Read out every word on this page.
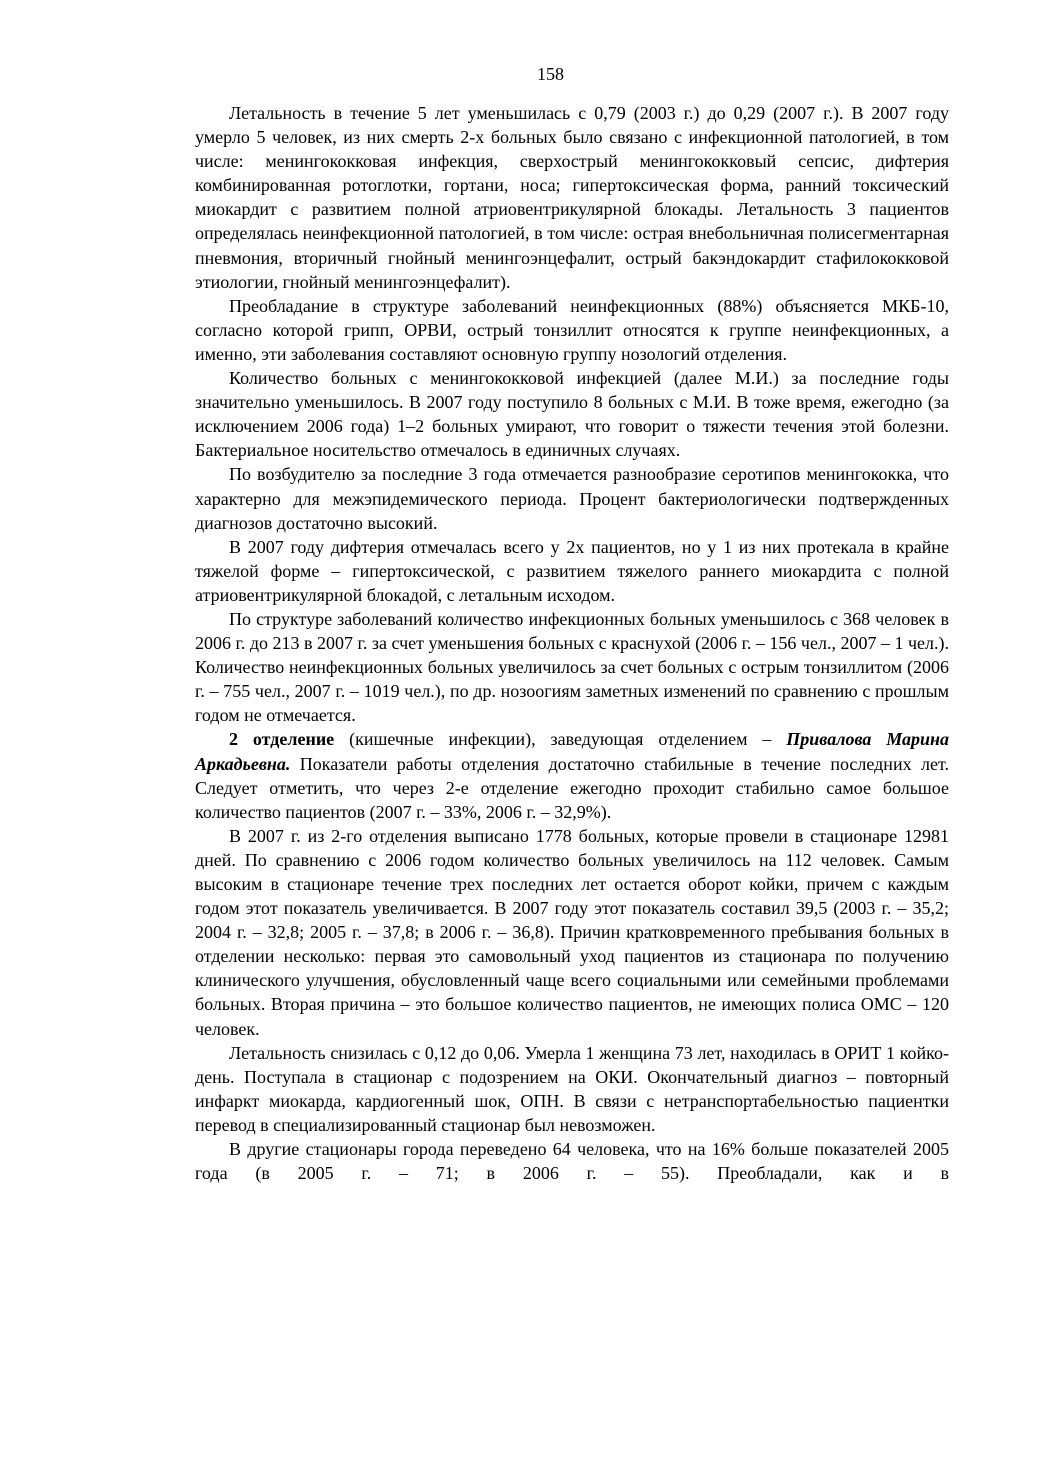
158

Летальность в течение 5 лет уменьшилась с 0,79 (2003 г.) до 0,29 (2007 г.). В 2007 году умерло 5 человек, из них смерть 2-х больных было связано с инфекционной патологией, в том числе: менингококковая инфекция, сверхострый менингококковый сепсис, дифтерия комбинированная ротоглотки, гортани, носа; гипертоксическая форма, ранний токсический миокардит с развитием полной атриовентрикулярной блокады. Летальность 3 пациентов определялась неинфекционной патологией, в том числе: острая внебольничная полисегментарная пневмония, вторичный гнойный менингоэнцефалит, острый бакэндокардит стафилококковой этиологии, гнойный менингоэнцефалит).

Преобладание в структуре заболеваний неинфекционных (88%) объясняется МКБ-10, согласно которой грипп, ОРВИ, острый тонзиллит относятся к группе неинфекционных, а именно, эти заболевания составляют основную группу нозологий отделения.

Количество больных с менингококковой инфекцией (далее М.И.) за последние годы значительно уменьшилось. В 2007 году поступило 8 больных с М.И. В тоже время, ежегодно (за исключением 2006 года) 1–2 больных умирают, что говорит о тяжести течения этой болезни. Бактериальное носительство отмечалось в единичных случаях.

По возбудителю за последние 3 года отмечается разнообразие серотипов менингококка, что характерно для межэпидемического периода. Процент бактериологически подтвержденных диагнозов достаточно высокий.

В 2007 году дифтерия отмечалась всего у 2х пациентов, но у 1 из них протекала в крайне тяжелой форме – гипертоксической, с развитием тяжелого раннего миокардита с полной атриовентрикулярной блокадой, с летальным исходом.

По структуре заболеваний количество инфекционных больных уменьшилось с 368 человек в 2006 г. до 213 в 2007 г. за счет уменьшения больных с краснухой (2006 г. – 156 чел., 2007 – 1 чел.). Количество неинфекционных больных увеличилось за счет больных с острым тонзиллитом (2006 г. – 755 чел., 2007 г. – 1019 чел.), по др. нозоогиям заметных изменений по сравнению с прошлым годом не отмечается.

2 отделение (кишечные инфекции), заведующая отделением – Привалова Марина Аркадьевна. Показатели работы отделения достаточно стабильные в течение последних лет. Следует отметить, что через 2-е отделение ежегодно проходит стабильно самое большое количество пациентов (2007 г. – 33%, 2006 г. – 32,9%).

В 2007 г. из 2-го отделения выписано 1778 больных, которые провели в стационаре 12981 дней. По сравнению с 2006 годом количество больных увеличилось на 112 человек. Самым высоким в стационаре течение трех последних лет остается оборот койки, причем с каждым годом этот показатель увеличивается. В 2007 году этот показатель составил 39,5 (2003 г. – 35,2; 2004 г. – 32,8; 2005 г. – 37,8; в 2006 г. – 36,8). Причин кратковременного пребывания больных в отделении несколько: первая это самовольный уход пациентов из стационара по получению клинического улучшения, обусловленный чаще всего социальными или семейными проблемами больных. Вторая причина – это большое количество пациентов, не имеющих полиса ОМС – 120 человек.

Летальность снизилась с 0,12 до 0,06. Умерла 1 женщина 73 лет, находилась в ОРИТ 1 койко-день. Поступала в стационар с подозрением на ОКИ. Окончательный диагноз – повторный инфаркт миокарда, кардиогенный шок, ОПН. В связи с нетранспортабельностью пациентки перевод в специализированный стационар был невозможен.

В другие стационары города переведено 64 человека, что на 16% больше показателей 2005 года (в 2005 г. – 71; в 2006 г. – 55). Преобладали, как и в
